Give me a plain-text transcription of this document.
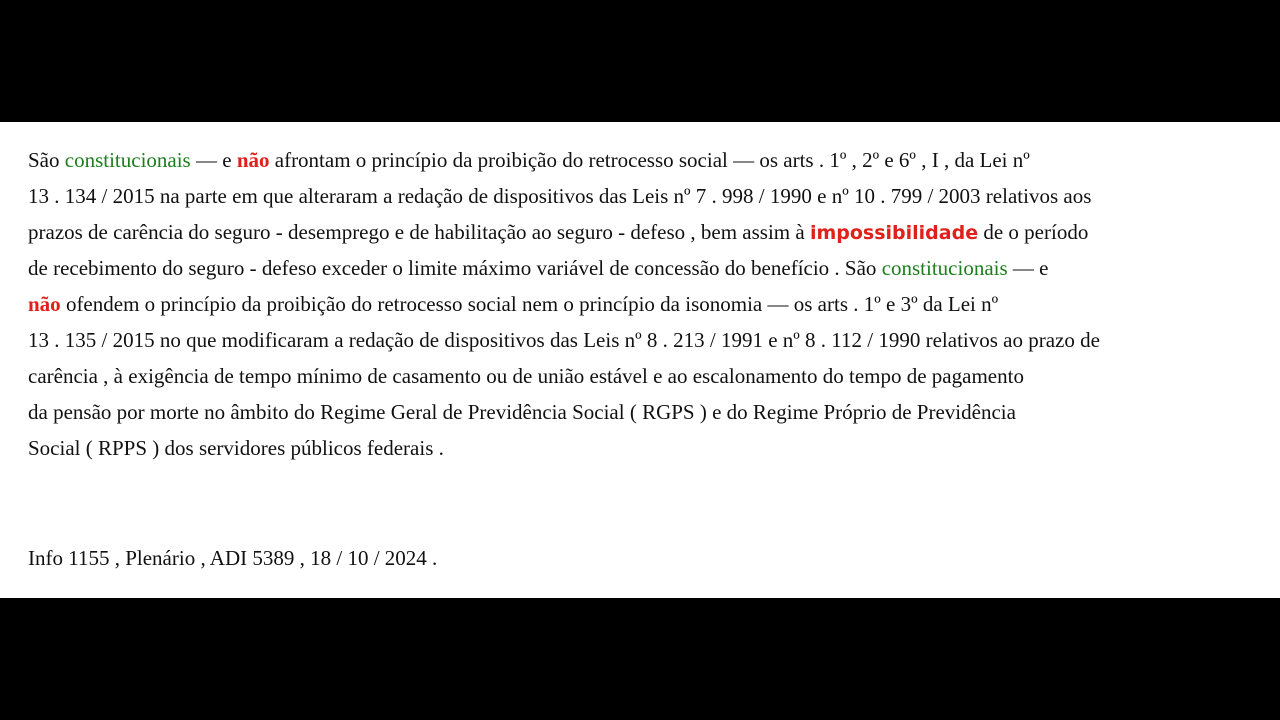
São constitucionais — e não afrontam o princípio da proibição do retrocesso social — os arts . 1º , 2º e 6º , I , da Lei nº
13 . 134 / 2015 na parte em que alteraram a redação de dispositivos das Leis nº 7 . 998 / 1990 e nº 10 . 799 / 2003 relativos aos
prazos de carência do seguro - desemprego e de habilitação ao seguro - defeso , bem assim à impossibilidade de o período
de recebimento do seguro - defeso exceder o limite máximo variável de concessão do benefício . São constitucionais — e
não ofendem o princípio da proibição do retrocesso social nem o princípio da isonomia — os arts . 1º e 3º da Lei nº
13 . 135 / 2015 no que modificaram a redação de dispositivos das Leis nº 8 . 213 / 1991 e nº 8 . 112 / 1990 relativos ao prazo de
carência , à exigência de tempo mínimo de casamento ou de união estável e ao escalonamento do tempo de pagamento
da pensão por morte no âmbito do Regime Geral de Previdência Social ( RGPS ) e do Regime Próprio de Previdência
Social ( RPPS ) dos servidores públicos federais .
Info 1155 , Plenário , ADI 5389 , 18 / 10 / 2024 .
